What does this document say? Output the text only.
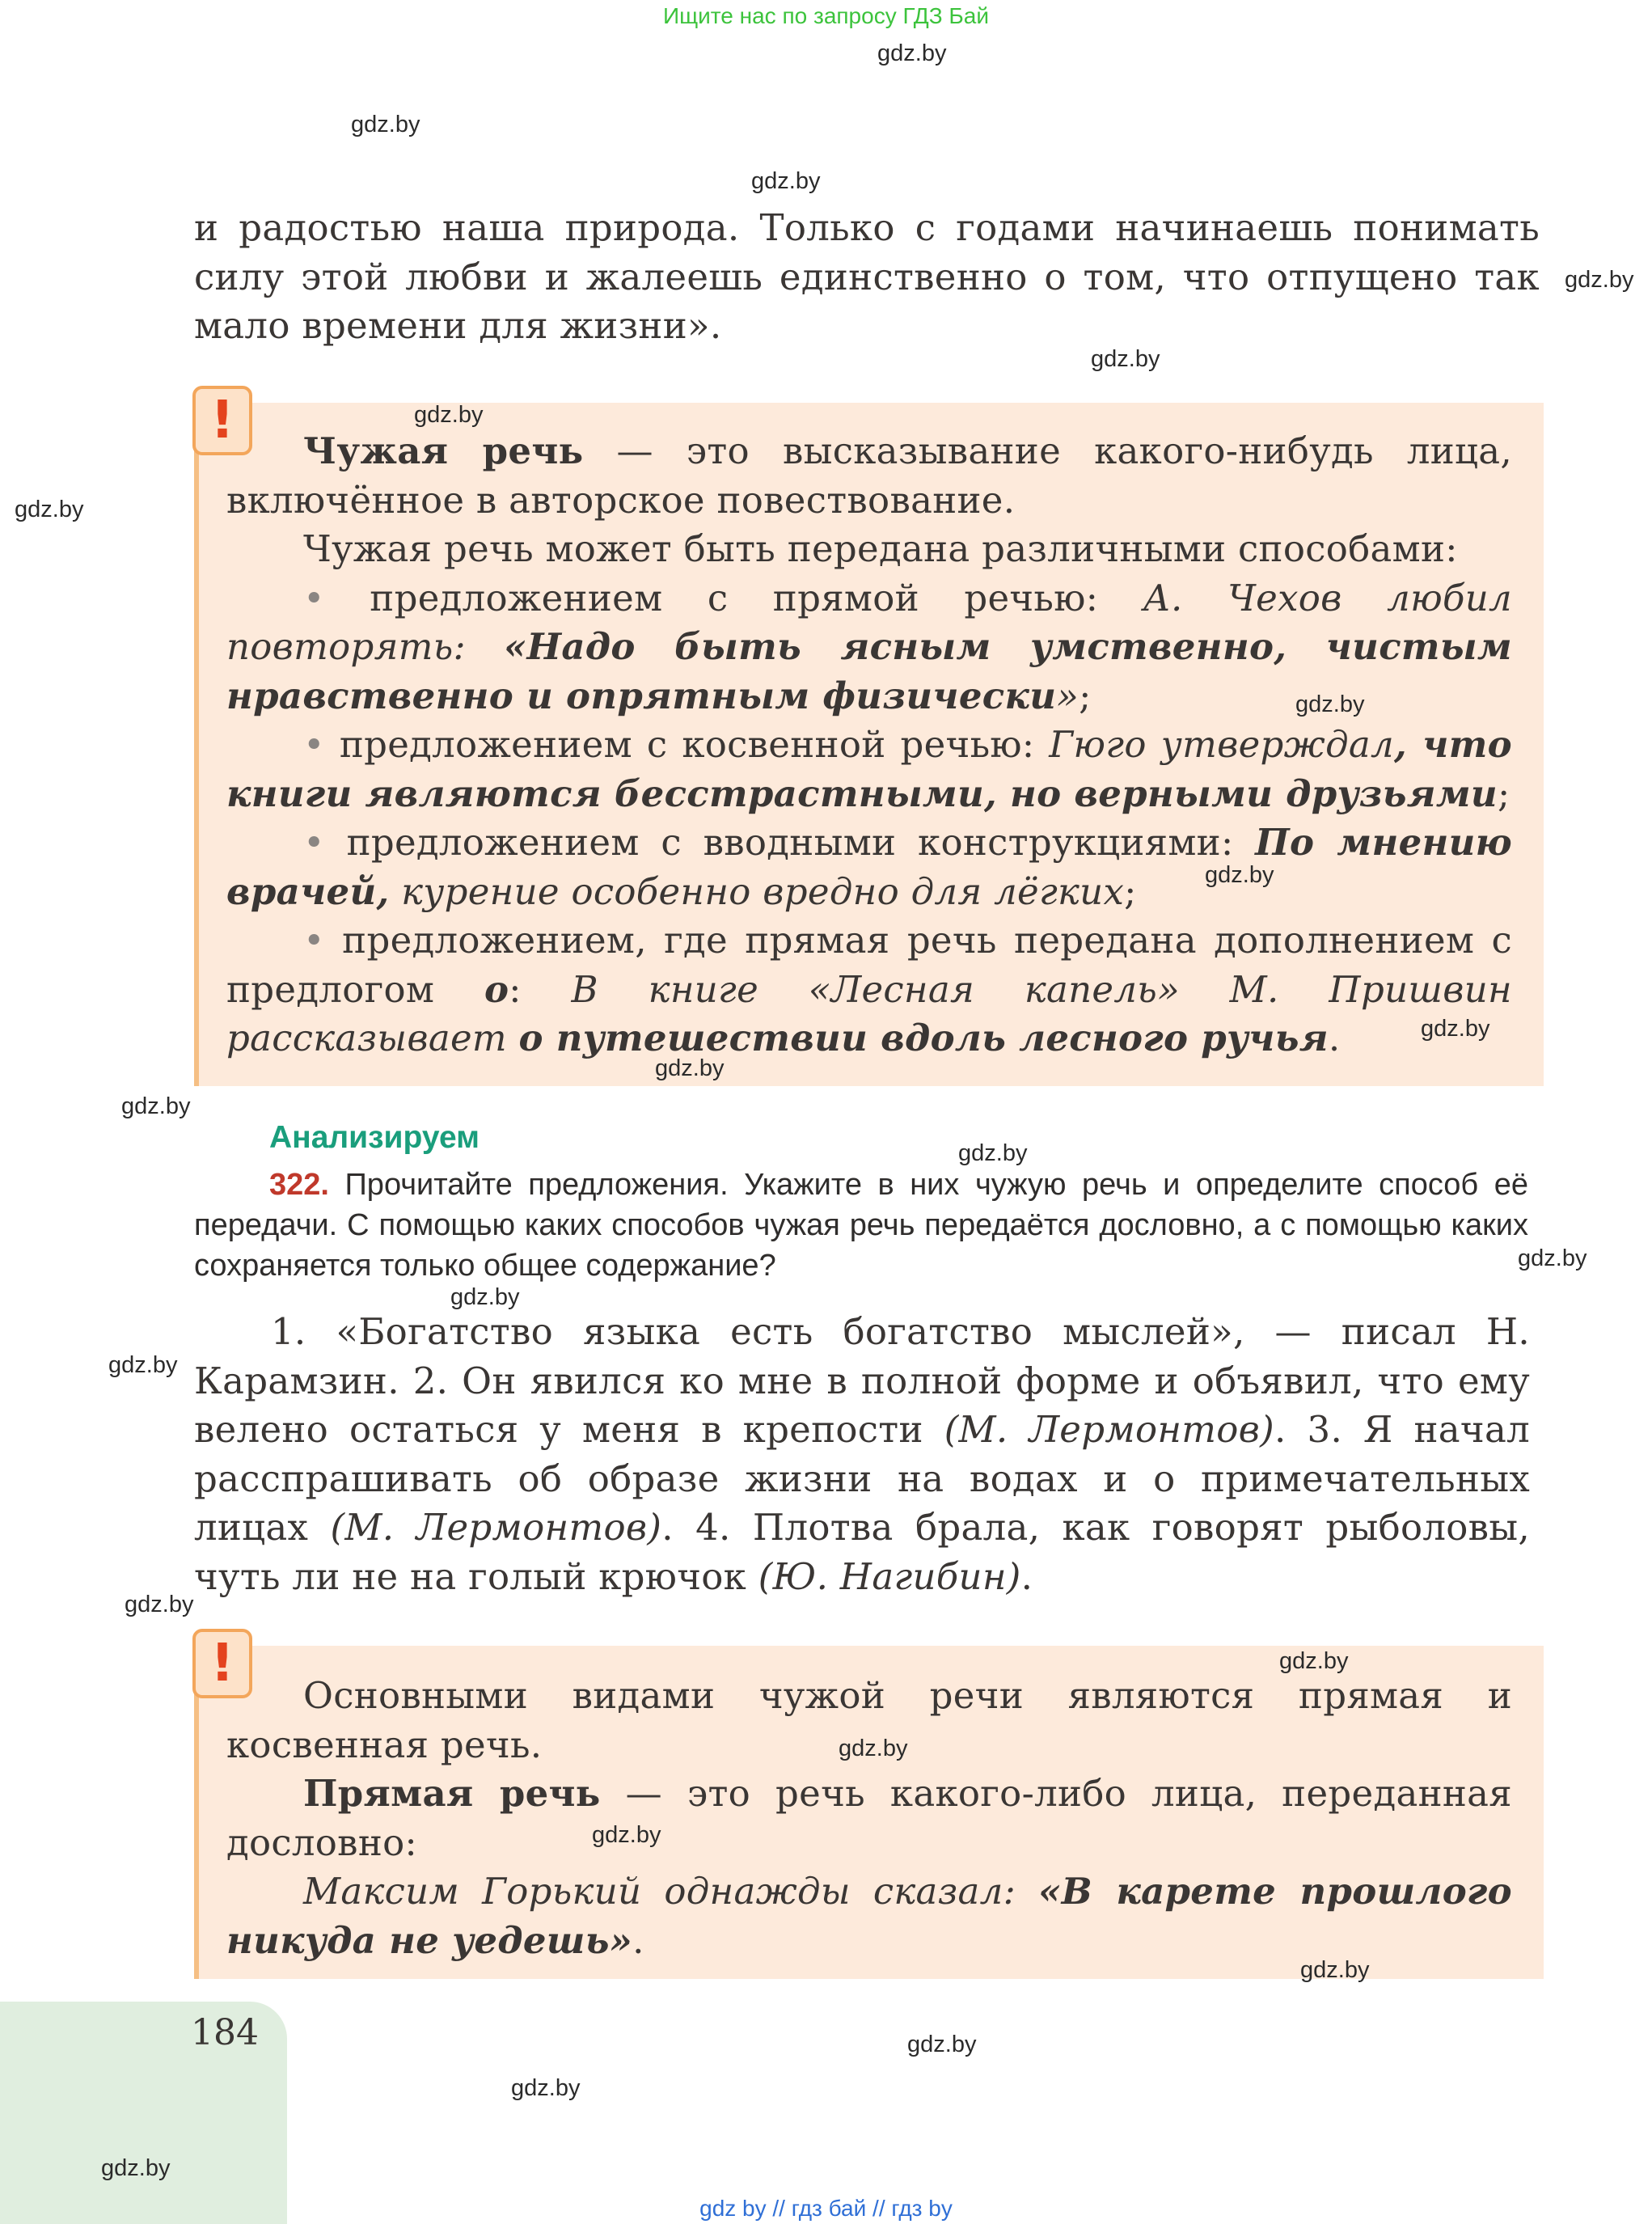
Ищите нас по запросу ГДЗ Бай
gdz.by
gdz.by
gdz.by

и радостью наша природа. Только с годами начинаешь понимать силу этой любви и жалеешь единственно о том, что отпущено так мало времени для жизни».

gdz.by
gdz.by
!	gdz.by
gdz.by

Чужая речь — это высказывание какого-нибудь лица, включённое в авторское повествование.

Чужая речь может быть передана различными способами:

• предложением с прямой речью: А. Чехов любил повторять: «Надо быть ясным умственно, чистым нравственно и опрятным физически»;

• предложением с косвенной речью: Гюго утверждал, что книги являются бесстрастными, но верными друзьями;

• предложением с вводными конструкциями: По мнению врачей, курение особенно вредно для лёгких;

• предложением, где прямая речь передана дополнением с предлогом о: В книге «Лесная капель» М. Пришвин рассказывает о путешествии вдоль лесного ручья.

gdz.by
gdz.by
gdz.by
gdz.by
gdz.by
Анализируем	gdz.by
322. Прочитайте предложения. Укажите в них чужую речь и определите способ её передачи. С помощью каких способов чужая речь передаётся дословно, а с помощью каких сохраняется только общее содержание?	gdz.by
gdz.by
gdz.by

1. «Богатство языка есть богатство мыслей», — писал Н. Карамзин. 2. Он явился ко мне в полной форме и объявил, что ему велено остаться у меня в крепости (М. Лермонтов). 3. Я начал расспрашивать об образе жизни на водах и о примечательных лицах (М. Лермонтов). 4. Плотва брала, как говорят рыболовы, чуть ли не на голый крючок (Ю. Нагибин).

gdz.by
!	gdz.by

Основными видами чужой речи являются прямая и косвенная речь.

Прямая речь — это речь какого-либо лица, переданная дословно:

Максим Горький однажды сказал: «В карете прошлого никуда не уедешь».

gdz.by
gdz.by
gdz.by
184	gdz.by
gdz.by
gdz.by
gdz by // гдз бай // гдз by
